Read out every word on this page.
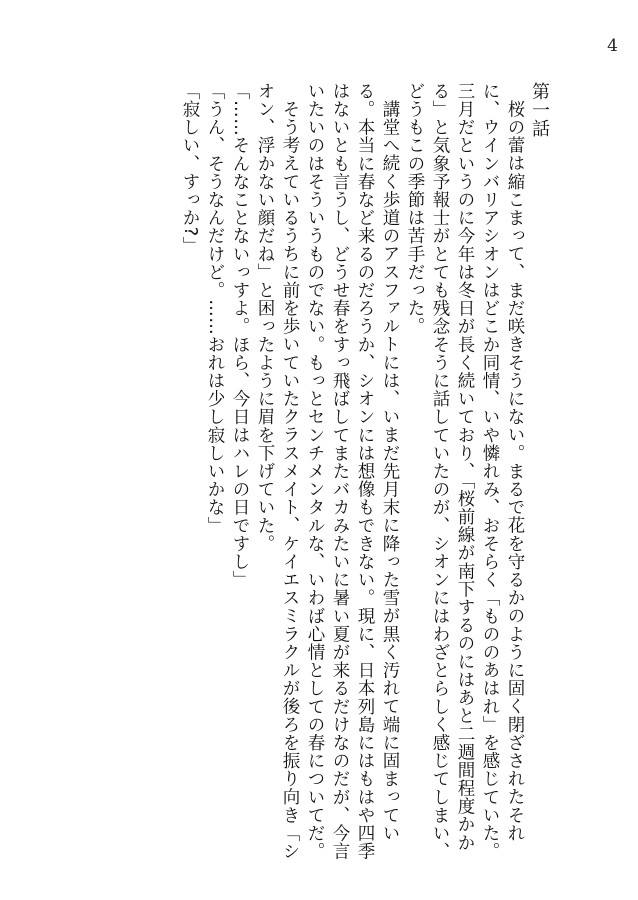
4

第一話

桜の蕾は縮こまって、まだ咲きそうにない。まるで花を守るかのように固く閉ざされたそれに、ウインバリアシオンはどこか同情、いや憐れみ、おそらく「もののあはれ」を感じていた。三月だというのに今年は冬日が長く続いており、「桜前線が南下するのにはあと二週間程度かかる」と気象予報士がとても残念そうに話していたのが、シオンにはわざとらしく感じてしまい、どうもこの季節は苦手だった。

講堂へ続く歩道のアスファルトには、いまだ先月末に降った雪が黒く汚れて端に固まっている。本当に春など来るのだろうか、シオンには想像もできない。現に、日本列島にはもはや四季はないとも言うし、どうせ春をすっ飛ばしてまたバカみたいに暑い夏が来るだけなのだが、今言いたいのはそういうものでない。もっとセンチメンタルな、いわば心情としての春についてだ。

そう考えているうちに前を歩いていたクラスメイト、ケイエスミラクルが後ろを振り向き「シオン、浮かない顔だね」と困ったように眉を下げていた。

「……そんなことないっすよ。ほら、今日はハレの日ですし」

「うん、そうなんだけど。……おれは少し寂しいかな」

「寂しい、すっか?」
